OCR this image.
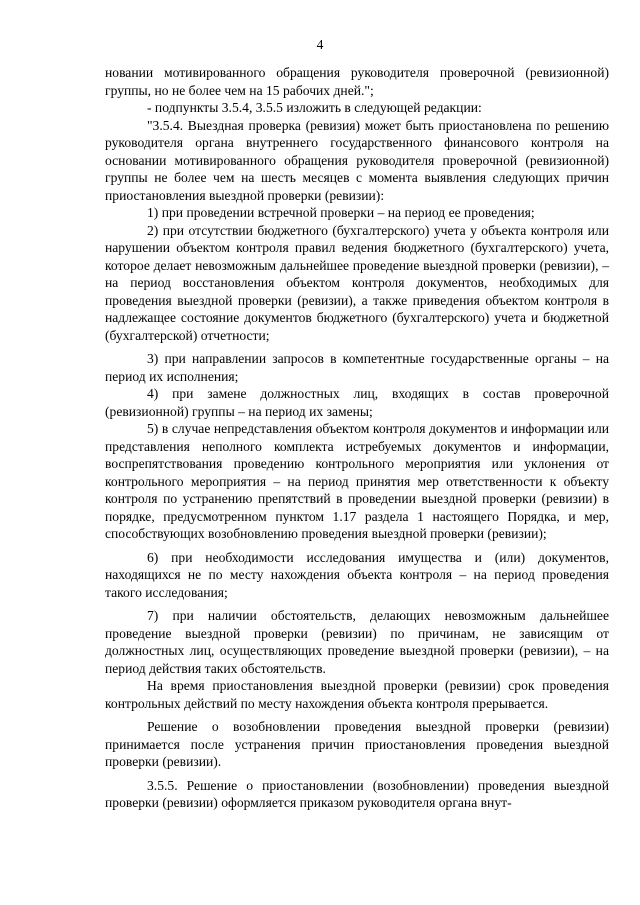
4

новании мотивированного обращения руководителя проверочной (ревизионной) группы, но не более чем на 15 рабочих дней.";

- подпункты 3.5.4, 3.5.5 изложить в следующей редакции:

"3.5.4. Выездная проверка (ревизия) может быть приостановлена по решению руководителя органа внутреннего государственного финансового контроля на основании мотивированного обращения руководителя проверочной (ревизионной) группы не более чем на шесть месяцев с момента выявления следующих причин приостановления выездной проверки (ревизии):

1) при проведении встречной проверки – на период ее проведения;

2) при отсутствии бюджетного (бухгалтерского) учета у объекта контроля или нарушении объектом контроля правил ведения бюджетного (бухгалтерского) учета, которое делает невозможным дальнейшее проведение выездной проверки (ревизии), – на период восстановления объектом контроля документов, необходимых для проведения выездной проверки (ревизии), а также приведения объектом контроля в надлежащее состояние документов бюджетного (бухгалтерского) учета и бюджетной (бухгалтерской) отчетности;

3) при направлении запросов в компетентные государственные органы – на период их исполнения;

4) при замене должностных лиц, входящих в состав проверочной (ревизионной) группы – на период их замены;

5) в случае непредставления объектом контроля документов и информации или представления неполного комплекта истребуемых документов и информации, воспрепятствования проведению контрольного мероприятия или уклонения от контрольного мероприятия – на период принятия мер ответственности к объекту контроля по устранению препятствий в проведении выездной проверки (ревизии) в порядке, предусмотренном пунктом 1.17 раздела 1 настоящего Порядка, и мер, способствующих возобновлению проведения выездной проверки (ревизии);

6) при необходимости исследования имущества и (или) документов, находящихся не по месту нахождения объекта контроля – на период проведения такого исследования;

7) при наличии обстоятельств, делающих невозможным дальнейшее проведение выездной проверки (ревизии) по причинам, не зависящим от должностных лиц, осуществляющих проведение выездной проверки (ревизии), – на период действия таких обстоятельств.

На время приостановления выездной проверки (ревизии) срок проведения контрольных действий по месту нахождения объекта контроля прерывается.

Решение о возобновлении проведения выездной проверки (ревизии) принимается после устранения причин приостановления проведения выездной проверки (ревизии).

3.5.5. Решение о приостановлении (возобновлении) проведения выездной проверки (ревизии) оформляется приказом руководителя органа внут-
